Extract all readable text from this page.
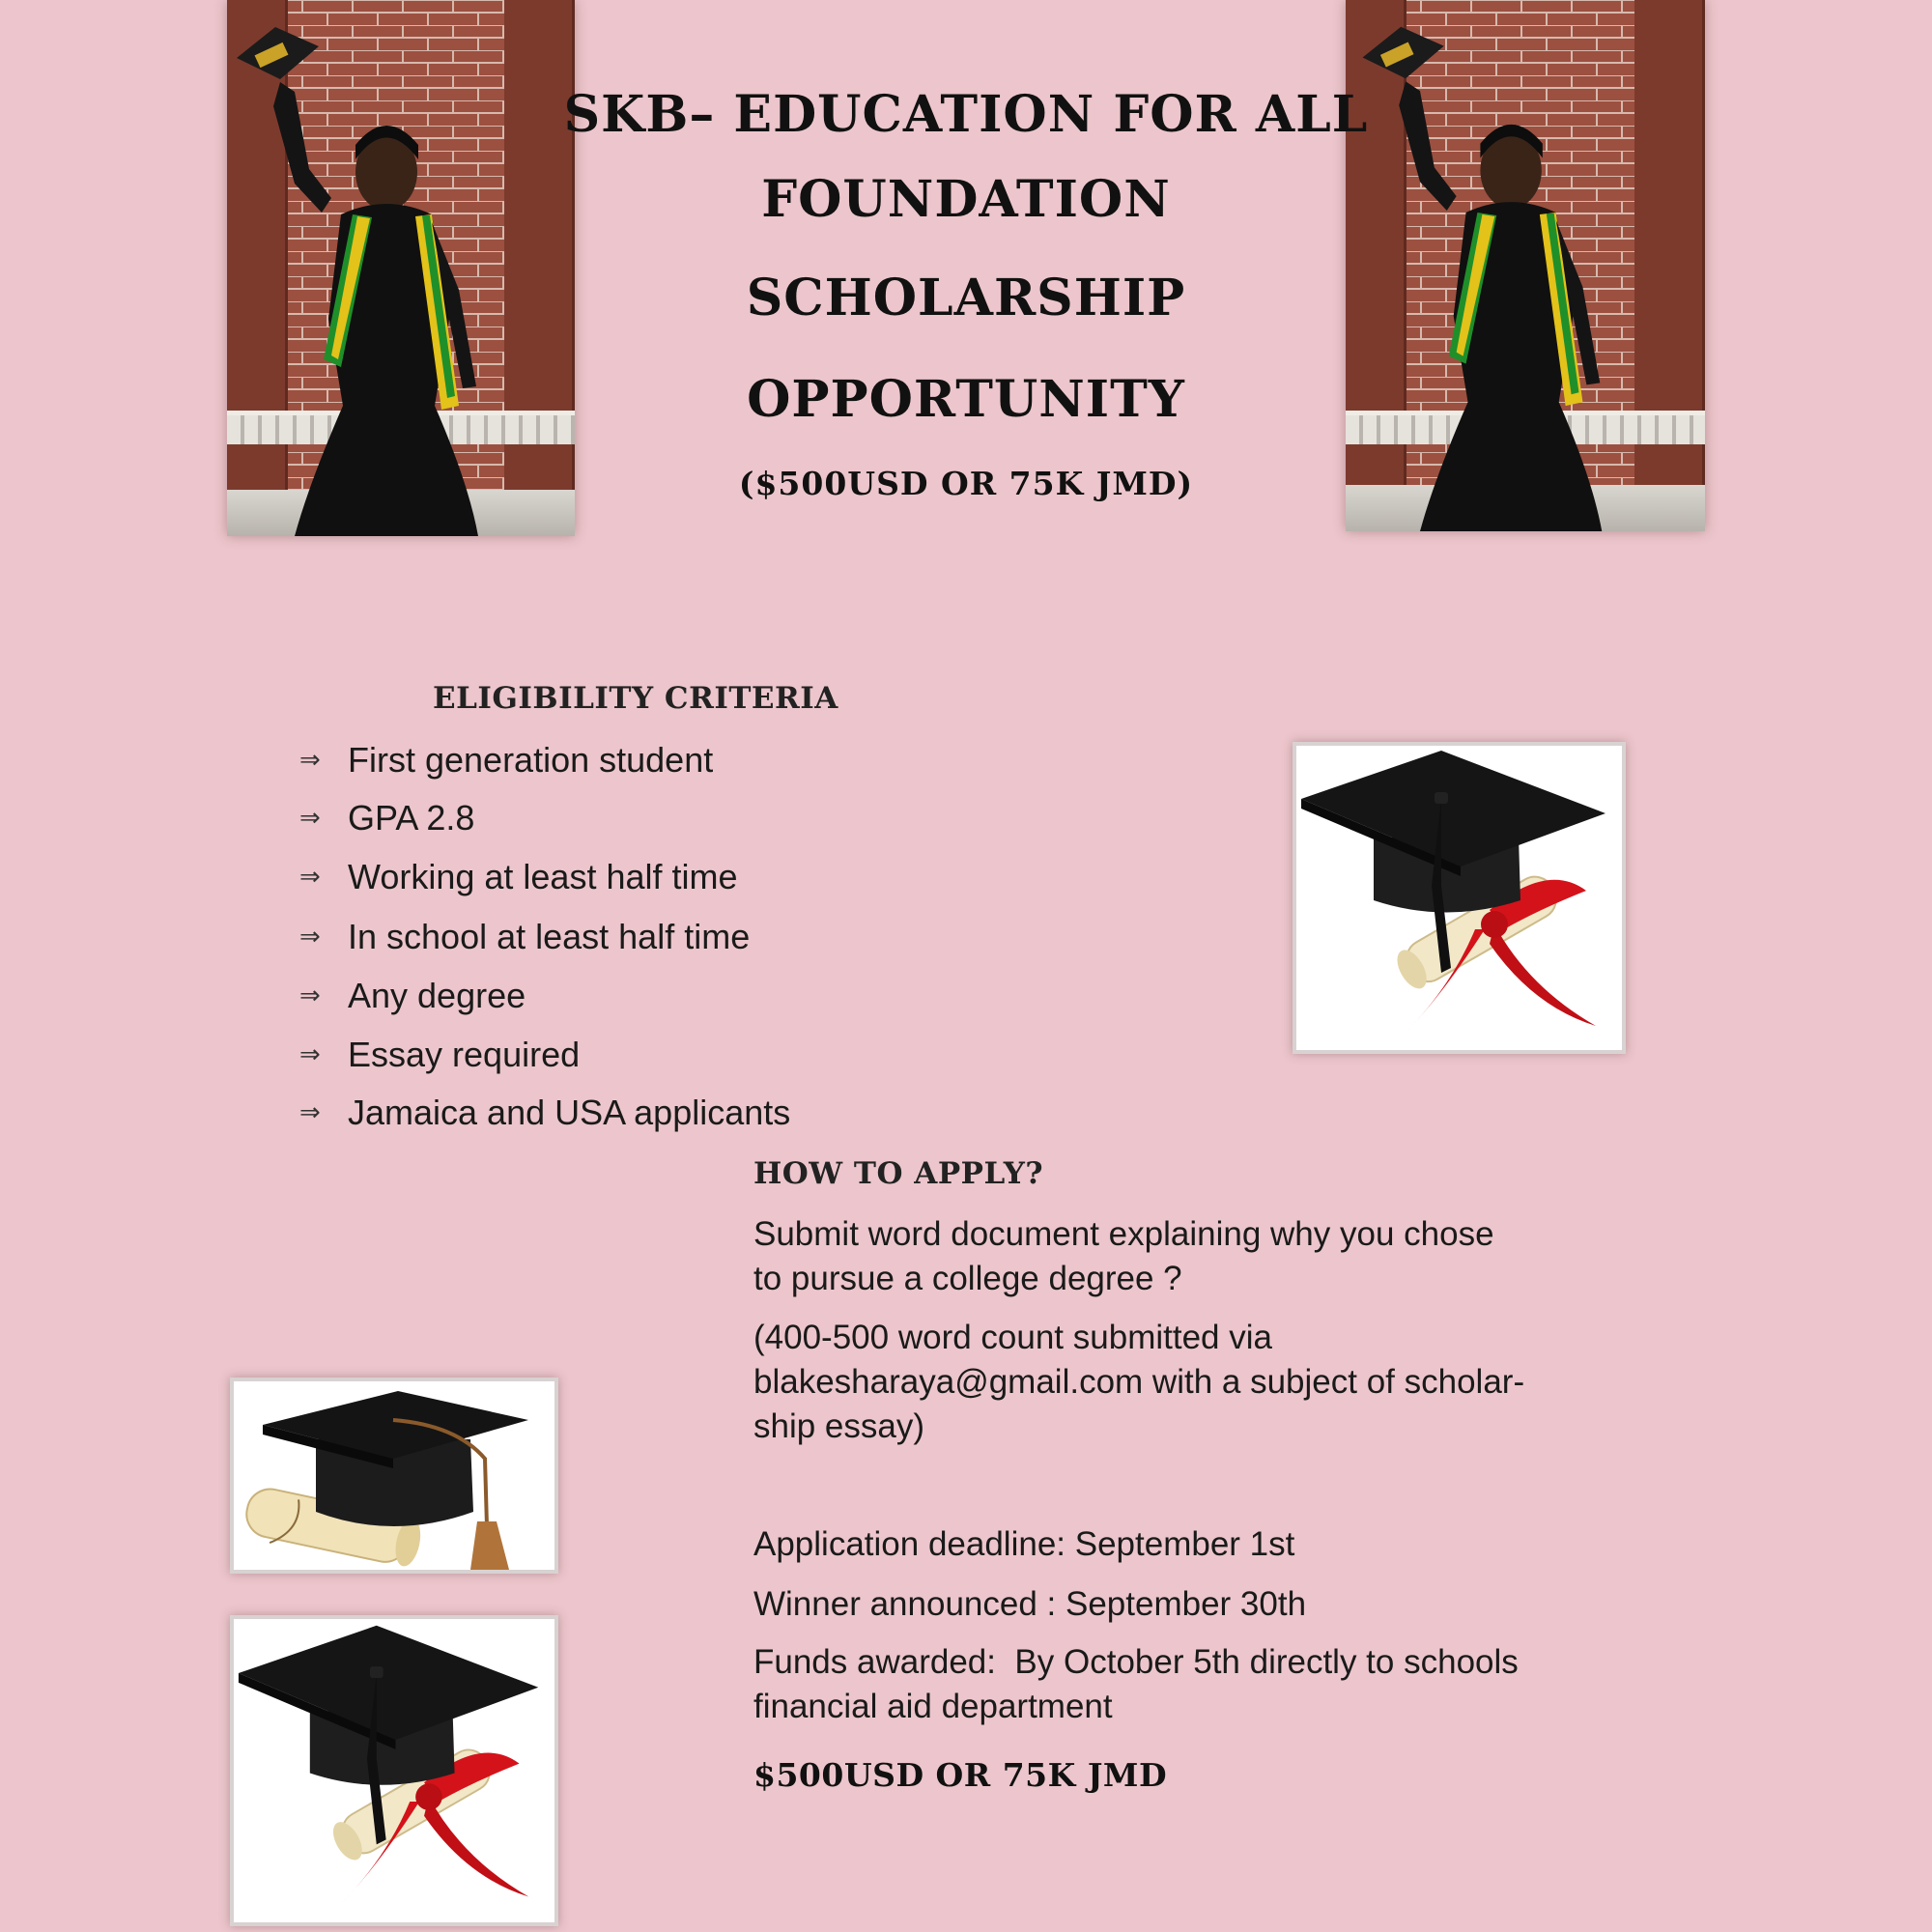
SKB– EDUCATION FOR ALL
FOUNDATION
SCHOLARSHIP
OPPORTUNITY
($500USD OR 75K JMD)
ELIGIBILITY CRITERIA
⇒ First generation student
⇒ GPA 2.8
⇒ Working at least half time
⇒ In school at least half time
⇒ Any degree
⇒ Essay required
⇒ Jamaica and USA applicants
HOW TO APPLY?
Submit word document explaining why you chose
to pursue a college degree ?
(400-500 word count submitted via
blakesharaya@gmail.com with a subject of scholar-
ship essay)
Application deadline: September 1st
Winner announced : September 30th
Funds awarded:  By October 5th directly to schools
financial aid department
$500USD OR 75K JMD
